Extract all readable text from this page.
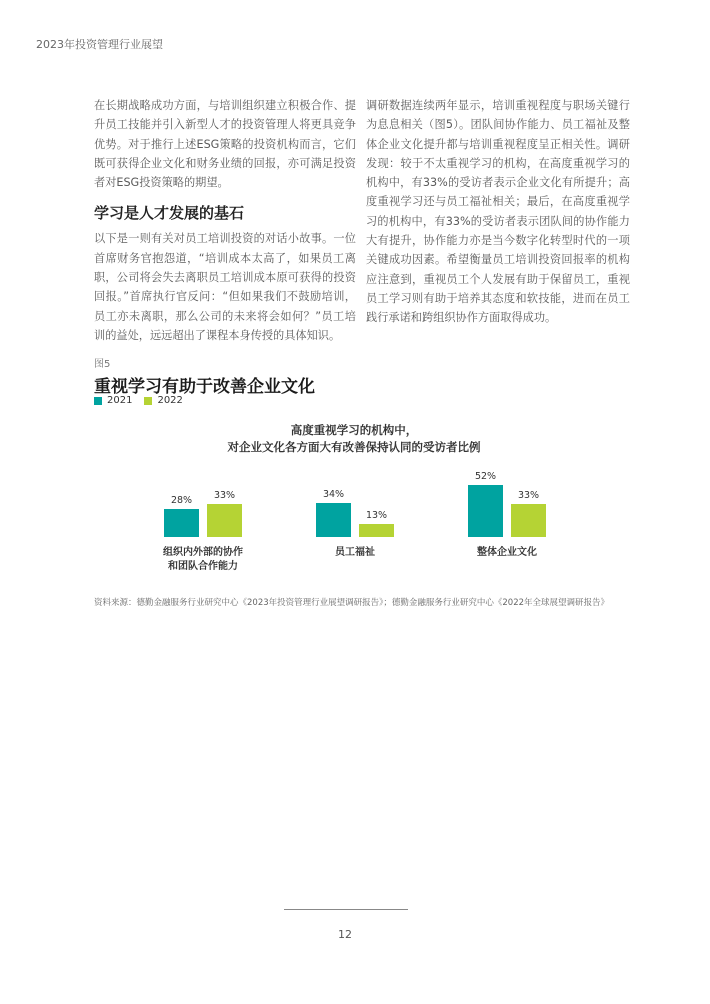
2023年投资管理行业展望

在长期战略成功方面，与培训组织建立积极合作、提升员工技能并引入新型人才的投资管理人将更具竞争优势。对于推行上述ESG策略的投资机构而言，它们既可获得企业文化和财务业绩的回报，亦可满足投资者对ESG投资策略的期望。

学习是人才发展的基石

以下是一则有关对员工培训投资的对话小故事。一位首席财务官抱怨道，“培训成本太高了，如果员工离职，公司将会失去离职员工培训成本原可获得的投资回报。”首席执行官反问：“但如果我们不鼓励培训，员工亦未离职，那么公司的未来将会如何？”员工培训的益处，远远超出了课程本身传授的具体知识。

调研数据连续两年显示，培训重视程度与职场关键行为息息相关（图5）。团队间协作能力、员工福祉及整体企业文化提升都与培训重视程度呈正相关性。调研发现：较于不太重视学习的机构，在高度重视学习的机构中，有33%的受访者表示企业文化有所提升；高度重视学习还与员工福祉相关；最后，在高度重视学习的机构中，有33%的受访者表示团队间的协作能力大有提升，协作能力亦是当今数字化转型时代的一项关键成功因素。希望衡量员工培训投资回报率的机构应注意到，重视员工个人发展有助于保留员工，重视员工学习则有助于培养其态度和软技能，进而在员工践行承诺和跨组织协作方面取得成功。

图5
重视学习有助于改善企业文化
2021	2022
高度重视学习的机构中，
对企业文化各方面大有改善保持认同的受访者比例
28% 33%
组织内外部的协作
和团队合作能力
34%
13%
员工福祉
52%
33%
整体企业文化
资料来源：德勤金融服务行业研究中心《2023年投资管理行业展望调研报告》；德勤金融服务行业研究中心《2022年全球展望调研报告》
12
